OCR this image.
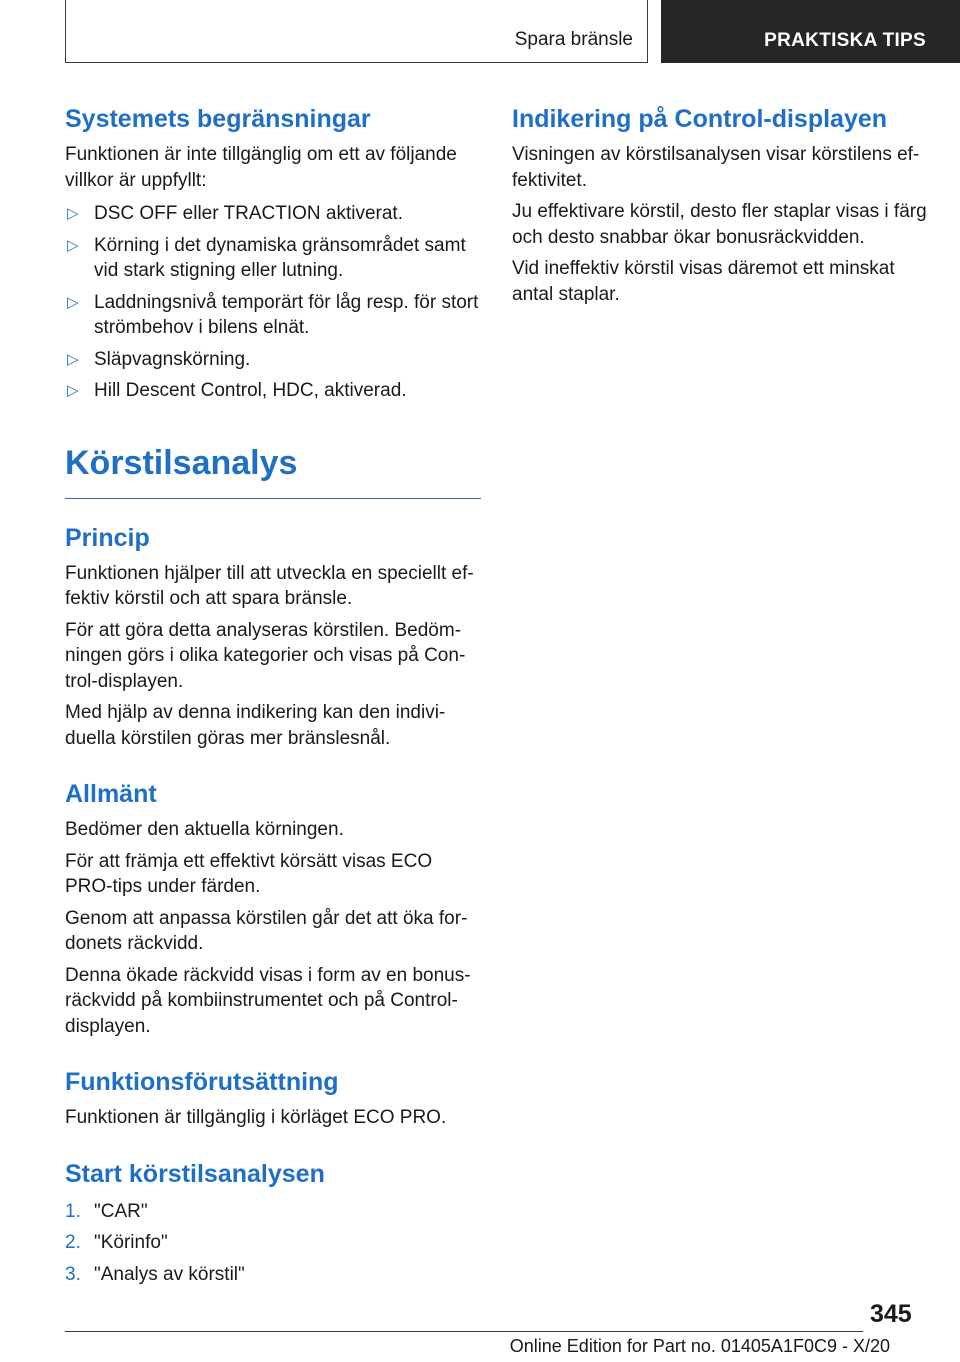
Spara bränsle	PRAKTISKA TIPS
Systemets begränsningar

Funktionen är inte tillgänglig om ett av följande villkor är uppfyllt:

▷ DSC OFF eller TRACTION aktiverat.
▷ Körning i det dynamiska gränsområdet samt vid stark stigning eller lutning.
▷ Laddningsnivå temporärt för låg resp. för stort strömbehov i bilens elnät.
▷ Släpvagnskörning.
▷ Hill Descent Control, HDC, aktiverad.
Körstilsanalys
Princip

Funktionen hjälper till att utveckla en speciellt effektiv körstil och att spara bränsle.

För att göra detta analyseras körstilen. Bedömningen görs i olika kategorier och visas på Control-displayen.

Med hjälp av denna indikering kan den individuella körstilen göras mer bränslesnål.

Allmänt

Bedömer den aktuella körningen.

För att främja ett effektivt körsätt visas ECO PRO-tips under färden.

Genom att anpassa körstilen går det att öka fordonets räckvidd.

Denna ökade räckvidd visas i form av en bonusräckvidd på kombiinstrumentet och på Control-displayen.

Funktionsförutsättning

Funktionen är tillgänglig i körläget ECO PRO.

Start körstilsanalysen
1. "CAR"
2. "Körinfo"
3. "Analys av körstil"
Indikering på Control-displayen

Visningen av körstilsanalysen visar körstilens effektivitet.

Ju effektivare körstil, desto fler staplar visas i färg och desto snabbar ökar bonusräckvidden.

Vid ineffektiv körstil visas däremot ett minskat antal staplar.

345
Online Edition for Part no. 01405A1F0C9 - X/20
